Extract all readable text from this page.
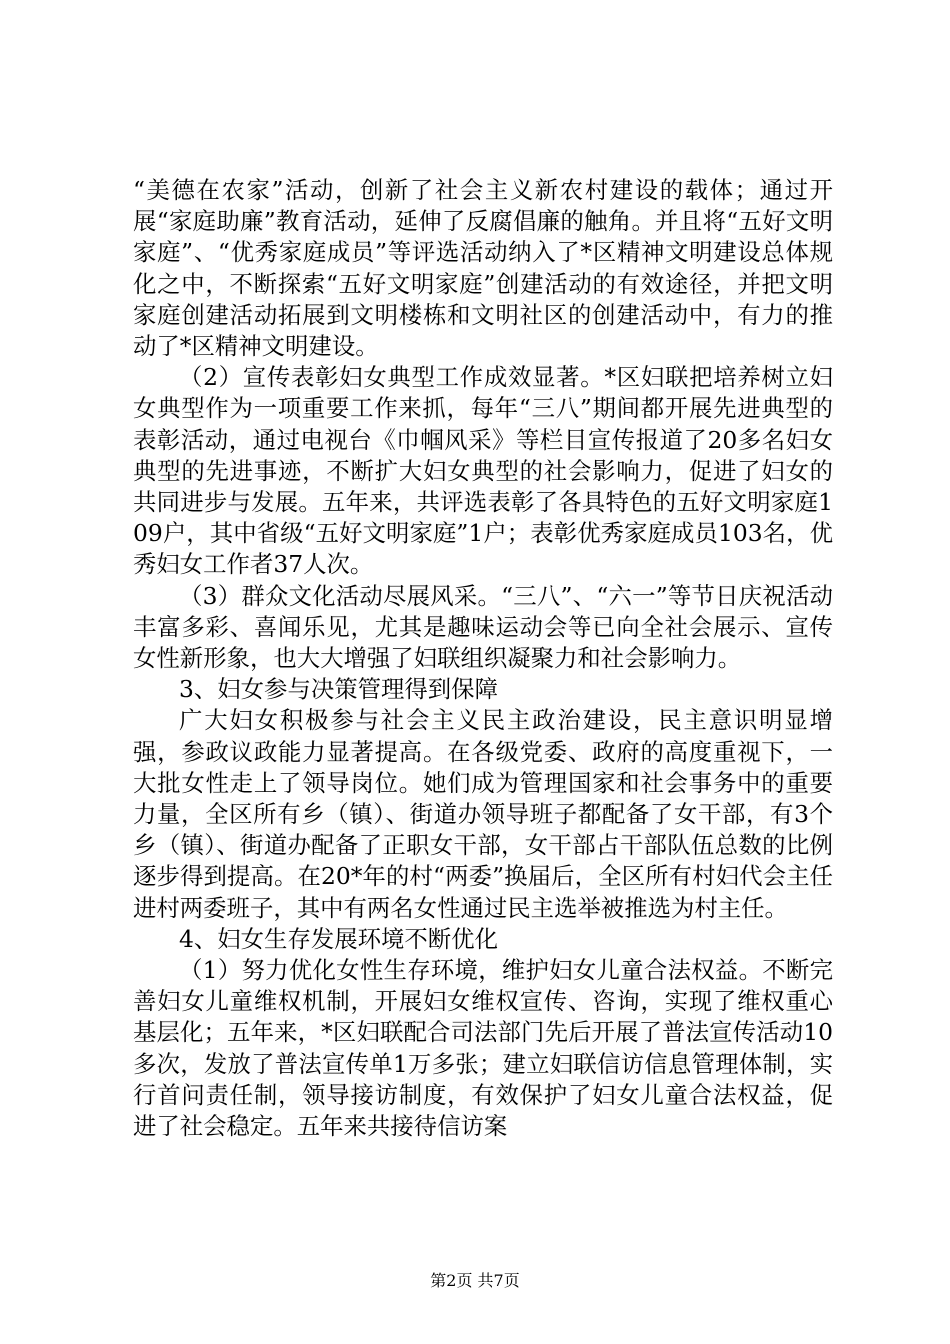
“美德在农家”活动，创新了社会主义新农村建设的载体；通过开展“家庭助廉”教育活动，延伸了反腐倡廉的触角。并且将“五好文明家庭”、“优秀家庭成员”等评选活动纳入了*区精神文明建设总体规化之中，不断探索“五好文明家庭”创建活动的有效途径，并把文明家庭创建活动拓展到文明楼栋和文明社区的创建活动中，有力的推动了*区精神文明建设。

（2）宣传表彰妇女典型工作成效显著。*区妇联把培养树立妇女典型作为一项重要工作来抓，每年“三八”期间都开展先进典型的表彰活动，通过电视台《巾帼风采》等栏目宣传报道了20多名妇女典型的先进事迹，不断扩大妇女典型的社会影响力，促进了妇女的共同进步与发展。五年来，共评选表彰了各具特色的五好文明家庭109户，其中省级“五好文明家庭”1户；表彰优秀家庭成员103名，优秀妇女工作者37人次。

（3）群众文化活动尽展风采。“三八”、“六一”等节日庆祝活动丰富多彩、喜闻乐见，尤其是趣味运动会等已向全社会展示、宣传女性新形象，也大大增强了妇联组织凝聚力和社会影响力。

3、妇女参与决策管理得到保障

广大妇女积极参与社会主义民主政治建设，民主意识明显增强，参政议政能力显著提高。在各级党委、政府的高度重视下，一大批女性走上了领导岗位。她们成为管理国家和社会事务中的重要力量，全区所有乡（镇）、街道办领导班子都配备了女干部，有3个乡（镇）、街道办配备了正职女干部，女干部占干部队伍总数的比例逐步得到提高。在20*年的村“两委”换届后，全区所有村妇代会主任进村两委班子，其中有两名女性通过民主选举被推选为村主任。

4、妇女生存发展环境不断优化

（1）努力优化女性生存环境，维护妇女儿童合法权益。不断完善妇女儿童维权机制，开展妇女维权宣传、咨询，实现了维权重心基层化；五年来，*区妇联配合司法部门先后开展了普法宣传活动10多次，发放了普法宣传单1万多张；建立妇联信访信息管理体制，实行首问责任制，领导接访制度，有效保护了妇女儿童合法权益，促进了社会稳定。五年来共接待信访案

第2页 共7页
